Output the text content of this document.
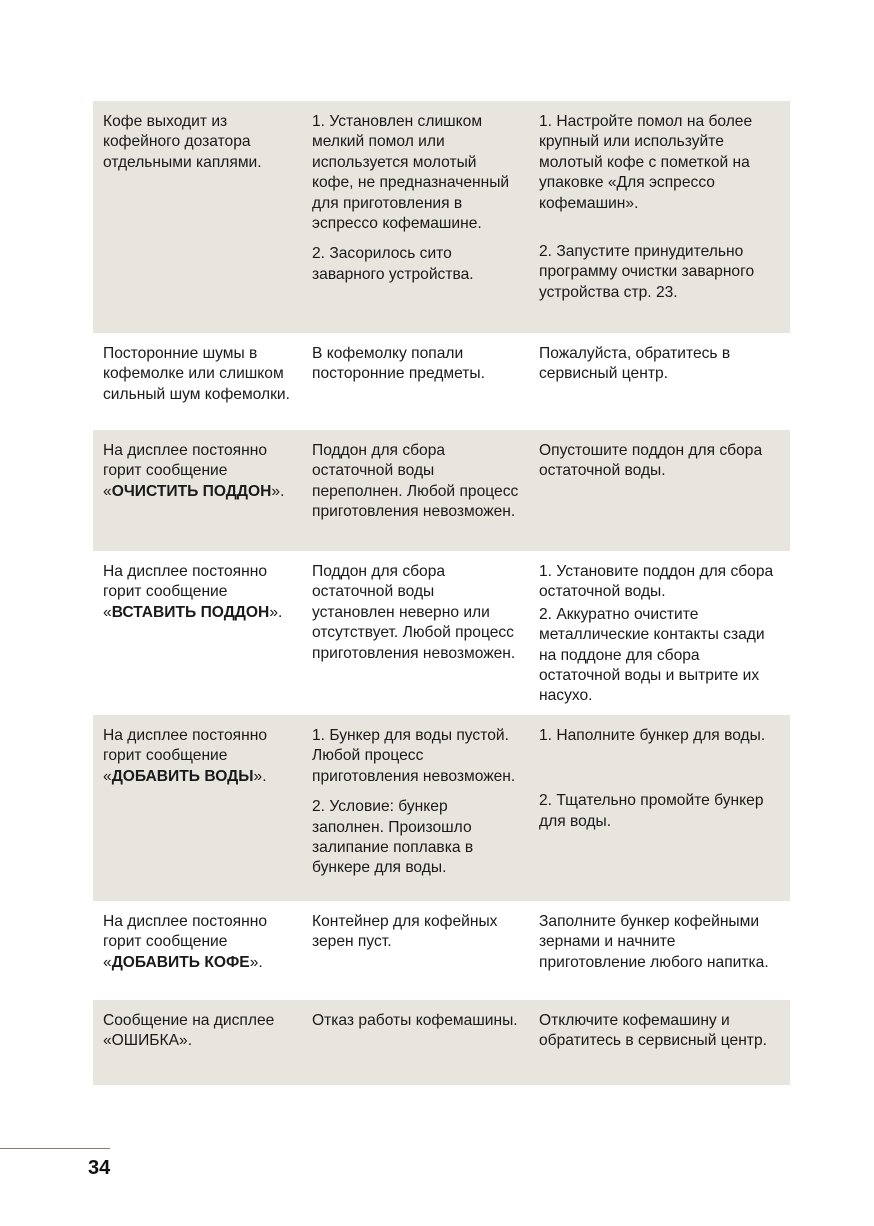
Кофе выходит из кофейного дозатора отдельными каплями.
1. Установлен слишком мелкий помол или используется молотый кофе, не предназначенный для приготовления в эспрессо кофемашине.
2. Засорилось сито заварного устройства.
1. Настройте помол на более крупный или используйте молотый кофе с пометкой на упаковке «Для эспрессо кофемашин».
2. Запустите принудительно программу очистки заварного устройства стр. 23.
Посторонние шумы в кофемолке или слишком сильный шум кофемолки.
В кофемолку попали посторонние предметы.
Пожалуйста, обратитесь в сервисный центр.
На дисплее постоянно горит сообщение «ОЧИСТИТЬ ПОДДОН».
Поддон для сбора остаточной воды переполнен. Любой процесс приготовления невозможен.
Опустошите поддон для сбора остаточной воды.
На дисплее постоянно горит сообщение «ВСТАВИТЬ ПОДДОН».
Поддон для сбора остаточной воды установлен неверно или отсутствует. Любой процесс приготовления невозможен.
1. Установите поддон для сбора остаточной воды.
2. Аккуратно очистите металлические контакты сзади на поддоне для сбора остаточной воды и вытрите их насухо.
На дисплее постоянно горит сообщение «ДОБАВИТЬ ВОДЫ».
1. Бункер для воды пустой. Любой процесс приготовления невозможен.
2. Условие: бункер заполнен. Произошло залипание поплавка в бункере для воды.
1. Наполните бункер для воды.
2. Тщательно промойте бункер для воды.
На дисплее постоянно горит сообщение «ДОБАВИТЬ КОФЕ».
Контейнер для кофейных зерен пуст.
Заполните бункер кофейными зернами и начните приготовление любого напитка.
Сообщение на дисплее «ОШИБКА».
Отказ работы кофемашины.	Отключите кофемашину и обратитесь в сервисный центр.
34
